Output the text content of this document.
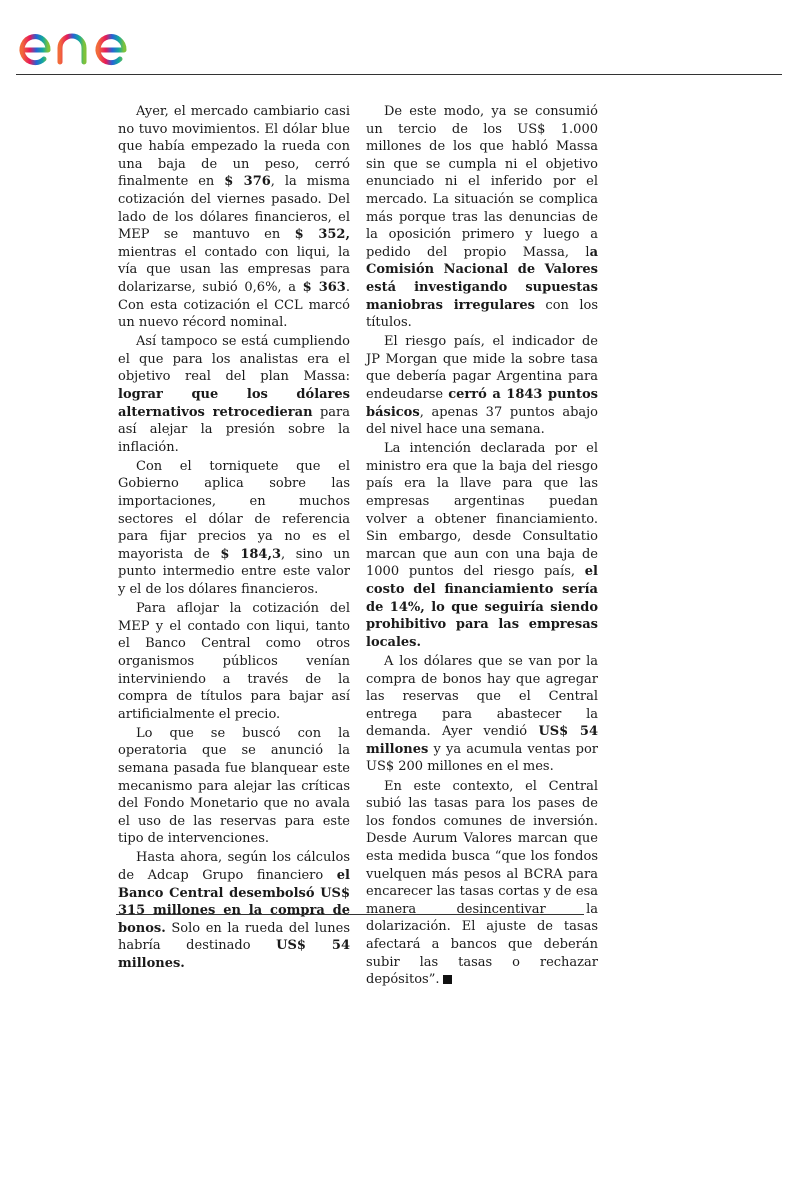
Ayer, el mercado cambiario casi no tuvo movimientos. El dólar blue que había empezado la rueda con una baja de un peso, cerró finalmente en $ 376, la misma cotización del viernes pasado. Del lado de los dólares financieros, el MEP se mantuvo en $ 352, mientras el contado con liqui, la vía que usan las empresas para dolarizarse, subió 0,6%, a $ 363. Con esta cotización el CCL marcó un nuevo récord nominal.

Así tampoco se está cumpliendo el que para los analistas era el objetivo real del plan Massa: lograr que los dólares alternativos retrocedieran para así alejar la presión sobre la inflación.

Con el torniquete que el Gobierno aplica sobre las importaciones, en muchos sectores el dólar de referencia para fijar precios ya no es el mayorista de $ 184,3, sino un punto intermedio entre este valor y el de los dólares financieros.

Para aflojar la cotización del MEP y el contado con liqui, tanto el Banco Central como otros organismos públicos venían interviniendo a través de la compra de títulos para bajar así artificialmente el precio.

Lo que se buscó con la operatoria que se anunció la semana pasada fue blanquear este mecanismo para alejar las críticas del Fondo Monetario que no avala el uso de las reservas para este tipo de intervenciones.

Hasta ahora, según los cálculos de Adcap Grupo financiero el Banco Central desembolsó US$ 315 millones en la compra de bonos. Solo en la rueda del lunes habría destinado US$ 54 millones.

De este modo, ya se consumió un tercio de los US$ 1.000 millones de los que habló Massa sin que se cumpla ni el objetivo enunciado ni el inferido por el mercado. La situación se complica más porque tras las denuncias de la oposición primero y luego a pedido del propio Massa, la Comisión Nacional de Valores está investigando supuestas maniobras irregulares con los títulos.

El riesgo país, el indicador de JP Morgan que mide la sobre tasa que debería pagar Argentina para endeudarse cerró a 1843 puntos básicos, apenas 37 puntos abajo del nivel hace una semana.

La intención declarada por el ministro era que la baja del riesgo país era la llave para que las empresas argentinas puedan volver a obtener financiamiento. Sin embargo, desde Consultatio marcan que aun con una baja de 1000 puntos del riesgo país, el costo del financiamiento sería de 14%, lo que seguiría siendo prohibitivo para las empresas locales.

A los dólares que se van por la compra de bonos hay que agregar las reservas que el Central entrega para abastecer la demanda. Ayer vendió US$ 54 millones y ya acumula ventas por US$ 200 millones en el mes.

En este contexto, el Central subió las tasas para los pases de los fondos comunes de inversión. Desde Aurum Valores marcan que esta medida busca “que los fondos vuelquen más pesos al BCRA para encarecer las tasas cortas y de esa manera desincentivar la dolarización. El ajuste de tasas afectará a bancos que deberán subir las tasas o rechazar depósitos”.
